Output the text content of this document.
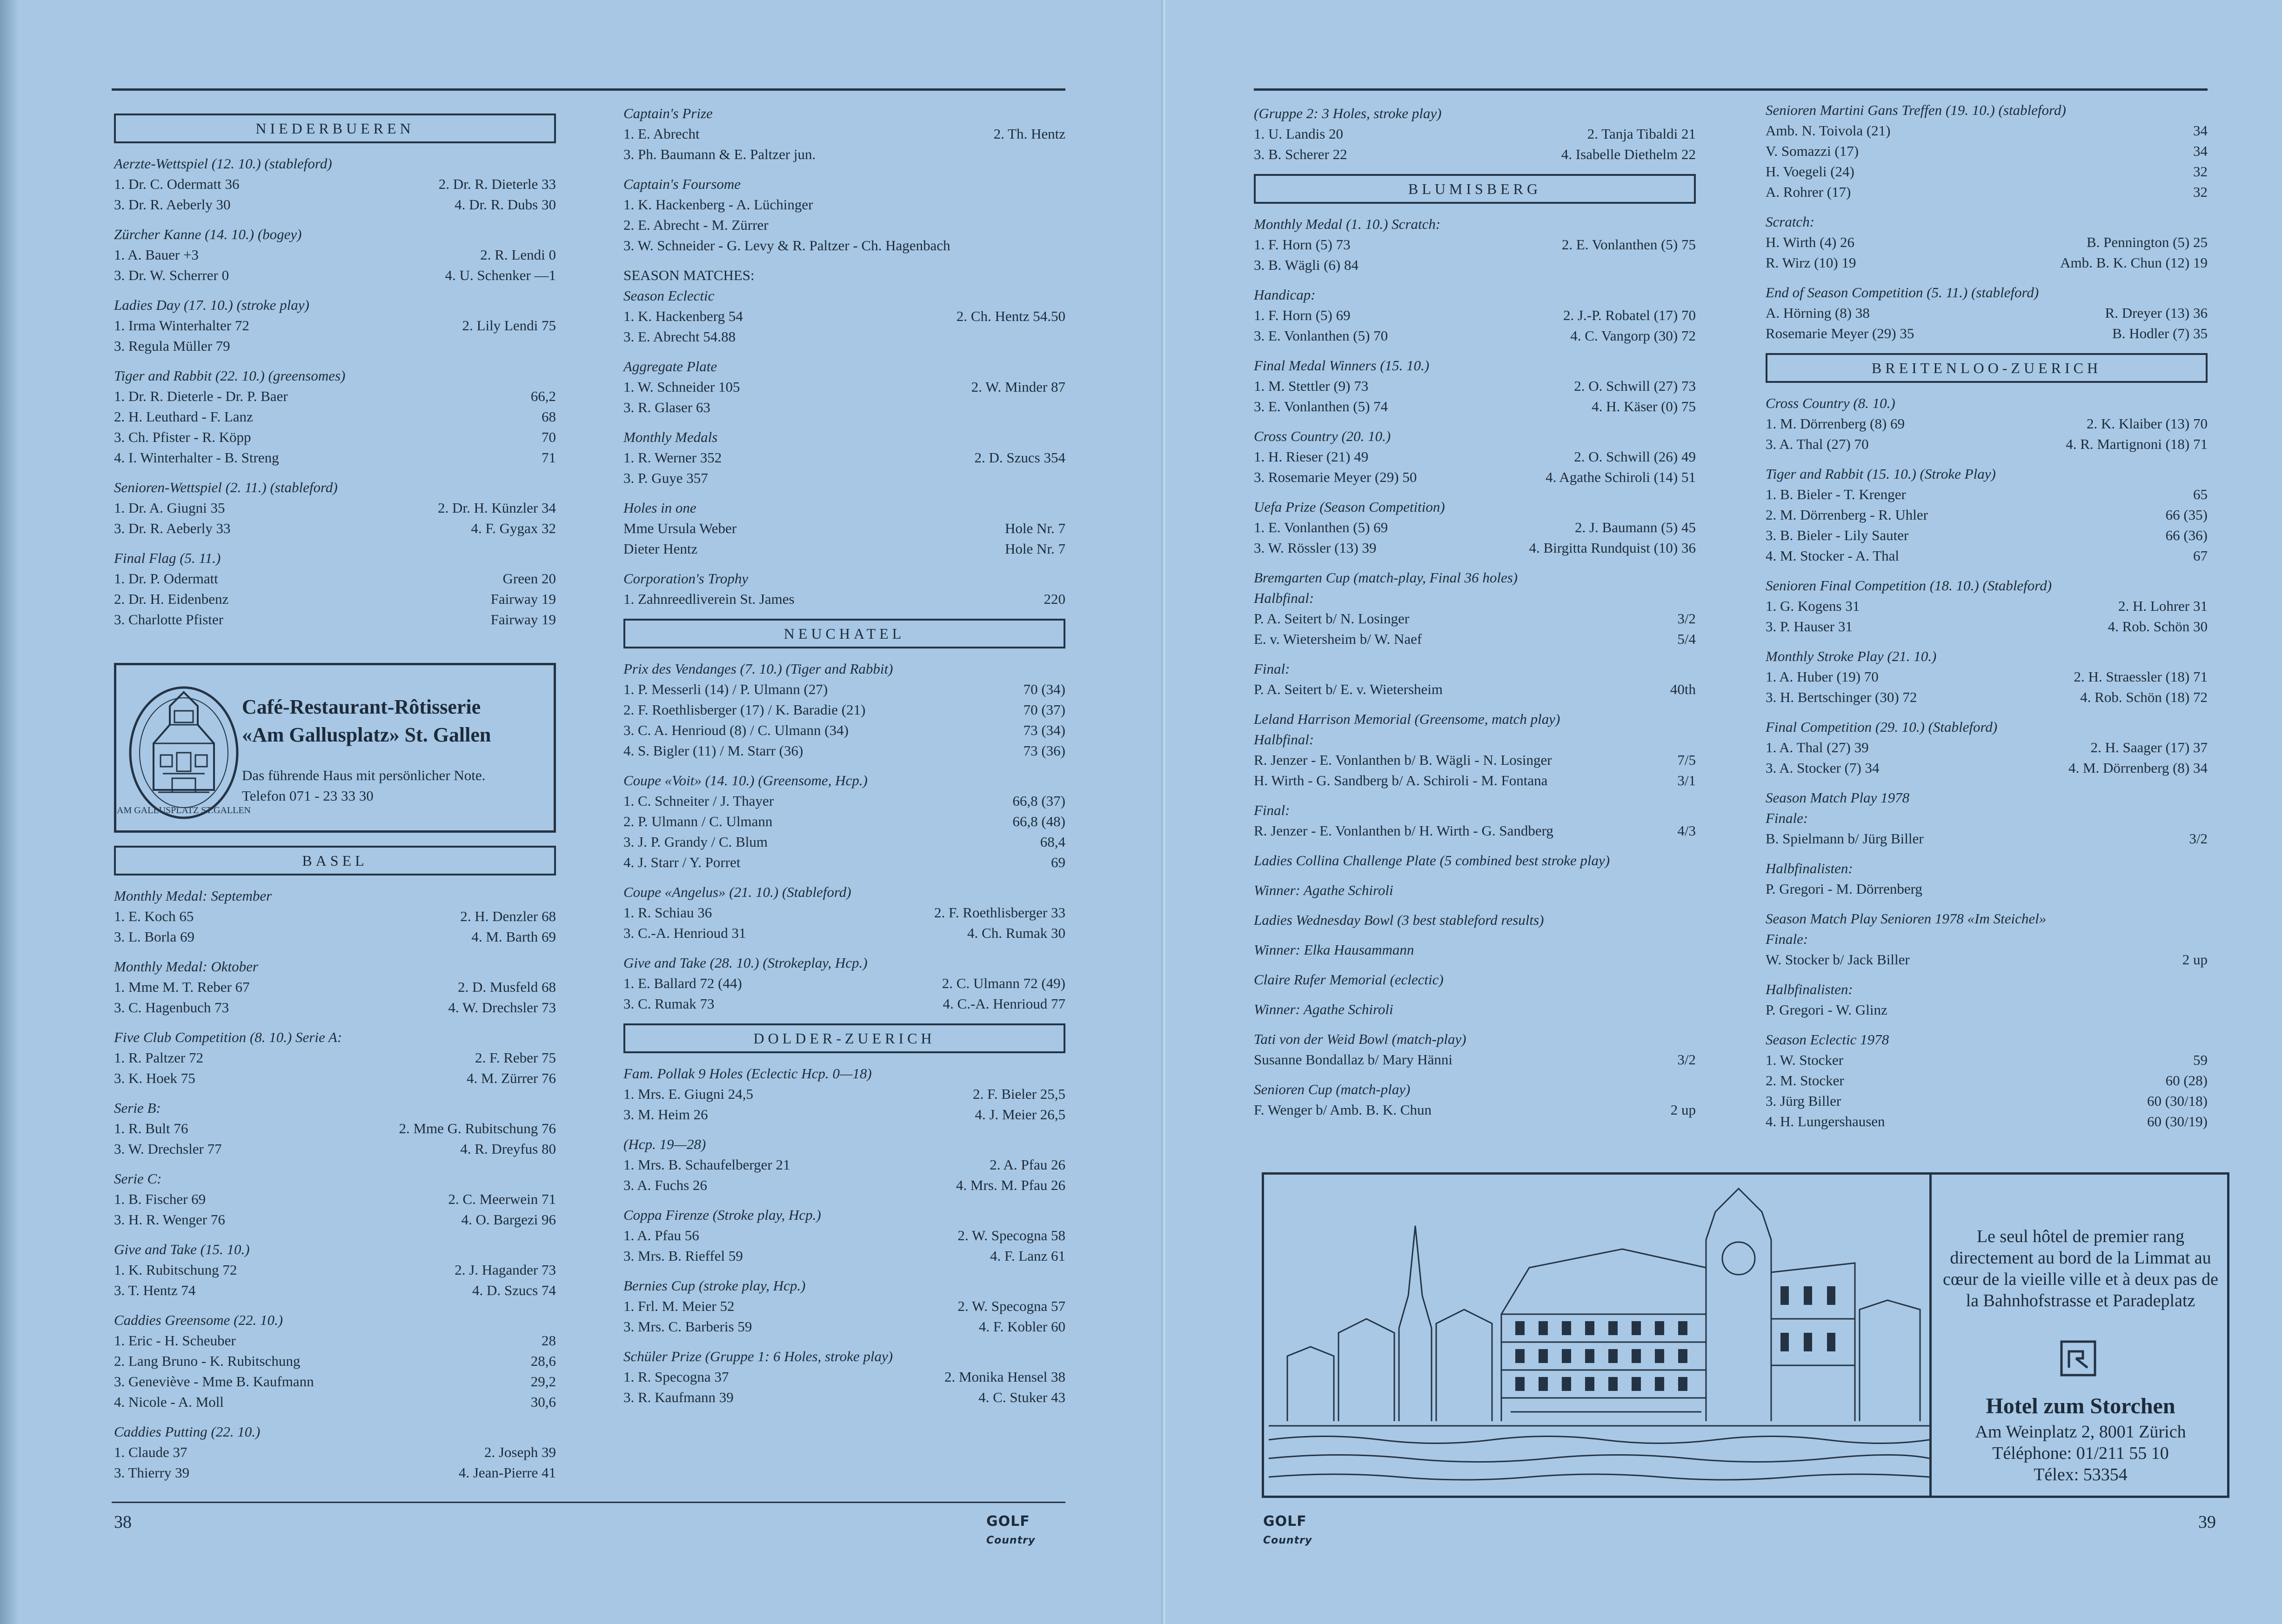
NIEDERBUEREN
Aerzte-Wettspiel (12. 10.) (stableford)
1. Dr. C. Odermatt 36	2. Dr. R. Dieterle 33
3. Dr. R. Aeberly 30	4. Dr. R. Dubs 30
Zürcher Kanne (14. 10.) (bogey)
1. A. Bauer +3	2. R. Lendi 0
3. Dr. W. Scherrer 0	4. U. Schenker —1
Ladies Day (17. 10.) (stroke play)
1. Irma Winterhalter 72	2. Lily Lendi 75
3. Regula Müller 79
Tiger and Rabbit (22. 10.) (greensomes)
1. Dr. R. Dieterle - Dr. P. Baer	66,2
2. H. Leuthard - F. Lanz	68
3. Ch. Pfister - R. Köpp	70
4. I. Winterhalter - B. Streng	71
Senioren-Wettspiel (2. 11.) (stableford)
1. Dr. A. Giugni 35	2. Dr. H. Künzler 34
3. Dr. R. Aeberly 33	4. F. Gygax 32
Final Flag (5. 11.)
1. Dr. P. Odermatt	Green 20
2. Dr. H. Eidenbenz	Fairway 19
3. Charlotte Pfister	Fairway 19
AM GALLUSPLATZ ST.GALLEN
Café-Restaurant-Rôtisserie
«Am Gallusplatz» St. Gallen
Das führende Haus mit persönlicher Note.
Telefon 071 - 23 33 30
BASEL
Monthly Medal: September
1. E. Koch 65	2. H. Denzler 68
3. L. Borla 69	4. M. Barth 69
Monthly Medal: Oktober
1. Mme M. T. Reber 67	2. D. Musfeld 68
3. C. Hagenbuch 73	4. W. Drechsler 73
Five Club Competition (8. 10.) Serie A:
1. R. Paltzer 72	2. F. Reber 75
3. K. Hoek 75	4. M. Zürrer 76
Serie B:
1. R. Bult 76	2. Mme G. Rubitschung 76
3. W. Drechsler 77	4. R. Dreyfus 80
Serie C:
1. B. Fischer 69	2. C. Meerwein 71
3. H. R. Wenger 76	4. O. Bargezi 96
Give and Take (15. 10.)
1. K. Rubitschung 72	2. J. Hagander 73
3. T. Hentz 74	4. D. Szucs 74
Caddies Greensome (22. 10.)
1. Eric - H. Scheuber	28
2. Lang Bruno - K. Rubitschung	28,6
3. Geneviève - Mme B. Kaufmann	29,2
4. Nicole - A. Moll	30,6
Caddies Putting (22. 10.)
1. Claude 37	2. Joseph 39
3. Thierry 39	4. Jean-Pierre 41
Captain's Prize
1. E. Abrecht	2. Th. Hentz
3. Ph. Baumann & E. Paltzer jun.
Captain's Foursome
1. K. Hackenberg - A. Lüchinger
2. E. Abrecht - M. Zürrer
3. W. Schneider - G. Levy & R. Paltzer - Ch. Hagenbach
SEASON MATCHES:
Season Eclectic
1. K. Hackenberg 54	2. Ch. Hentz 54.50
3. E. Abrecht 54.88
Aggregate Plate
1. W. Schneider 105	2. W. Minder 87
3. R. Glaser 63
Monthly Medals
1. R. Werner 352	2. D. Szucs 354
3. P. Guye 357
Holes in one
Mme Ursula Weber	Hole Nr. 7
Dieter Hentz	Hole Nr. 7
Corporation's Trophy
1. Zahnreedliverein St. James	220
NEUCHATEL
Prix des Vendanges (7. 10.) (Tiger and Rabbit)
1. P. Messerli (14) / P. Ulmann (27)	70 (34)
2. F. Roethlisberger (17) / K. Baradie (21)	70 (37)
3. C. A. Henrioud (8) / C. Ulmann (34)	73 (34)
4. S. Bigler (11) / M. Starr (36)	73 (36)
Coupe «Voit» (14. 10.) (Greensome, Hcp.)
1. C. Schneiter / J. Thayer	66,8 (37)
2. P. Ulmann / C. Ulmann	66,8 (48)
3. J. P. Grandy / C. Blum	68,4
4. J. Starr / Y. Porret	69
Coupe «Angelus» (21. 10.) (Stableford)
1. R. Schiau 36	2. F. Roethlisberger 33
3. C.-A. Henrioud 31	4. Ch. Rumak 30
Give and Take (28. 10.) (Strokeplay, Hcp.)
1. E. Ballard 72 (44)	2. C. Ulmann 72 (49)
3. C. Rumak 73	4. C.-A. Henrioud 77
DOLDER-ZUERICH
Fam. Pollak 9 Holes (Eclectic Hcp. 0—18)
1. Mrs. E. Giugni 24,5	2. F. Bieler 25,5
3. M. Heim 26	4. J. Meier 26,5
(Hcp. 19—28)
1. Mrs. B. Schaufelberger 21	2. A. Pfau 26
3. A. Fuchs 26	4. Mrs. M. Pfau 26
Coppa Firenze (Stroke play, Hcp.)
1. A. Pfau 56	2. W. Specogna 58
3. Mrs. B. Rieffel 59	4. F. Lanz 61
Bernies Cup (stroke play, Hcp.)
1. Frl. M. Meier 52	2. W. Specogna 57
3. Mrs. C. Barberis 59	4. F. Kobler 60
Schüler Prize (Gruppe 1: 6 Holes, stroke play)
1. R. Specogna 37	2. Monika Hensel 38
3. R. Kaufmann 39	4. C. Stuker 43
38	GOLF
Country
(Gruppe 2: 3 Holes, stroke play)
1. U. Landis 20	2. Tanja Tibaldi 21
3. B. Scherer 22	4. Isabelle Diethelm 22
BLUMISBERG
Monthly Medal (1. 10.) Scratch:
1. F. Horn (5) 73	2. E. Vonlanthen (5) 75
3. B. Wägli (6) 84
Handicap:
1. F. Horn (5) 69	2. J.-P. Robatel (17) 70
3. E. Vonlanthen (5) 70	4. C. Vangorp (30) 72
Final Medal Winners (15. 10.)
1. M. Stettler (9) 73	2. O. Schwill (27) 73
3. E. Vonlanthen (5) 74	4. H. Käser (0) 75
Cross Country (20. 10.)
1. H. Rieser (21) 49	2. O. Schwill (26) 49
3. Rosemarie Meyer (29) 50	4. Agathe Schiroli (14) 51
Uefa Prize (Season Competition)
1. E. Vonlanthen (5) 69	2. J. Baumann (5) 45
3. W. Rössler (13) 39	4. Birgitta Rundquist (10) 36
Bremgarten Cup (match-play, Final 36 holes)
Halbfinal:
P. A. Seitert b/ N. Losinger	3/2
E. v. Wietersheim b/ W. Naef	5/4
Final:
P. A. Seitert b/ E. v. Wietersheim	40th
Leland Harrison Memorial (Greensome, match play)
Halbfinal:
R. Jenzer - E. Vonlanthen b/ B. Wägli - N. Losinger	7/5
H. Wirth - G. Sandberg b/ A. Schiroli - M. Fontana	3/1
Final:
R. Jenzer - E. Vonlanthen b/ H. Wirth - G. Sandberg	4/3
Ladies Collina Challenge Plate (5 combined best stroke play)
Winner: Agathe Schiroli
Ladies Wednesday Bowl (3 best stableford results)
Winner: Elka Hausammann
Claire Rufer Memorial (eclectic)
Winner: Agathe Schiroli
Tati von der Weid Bowl (match-play)
Susanne Bondallaz b/ Mary Hänni	3/2
Senioren Cup (match-play)
F. Wenger b/ Amb. B. K. Chun	2 up
Senioren Martini Gans Treffen (19. 10.) (stableford)
Amb. N. Toivola (21)	34
V. Somazzi (17)	34
H. Voegeli (24)	32
A. Rohrer (17)	32
Scratch:
H. Wirth (4) 26	B. Pennington (5) 25
R. Wirz (10) 19	Amb. B. K. Chun (12) 19
End of Season Competition (5. 11.) (stableford)
A. Hörning (8) 38	R. Dreyer (13) 36
Rosemarie Meyer (29) 35	B. Hodler (7) 35
BREITENLOO-ZUERICH
Cross Country (8. 10.)
1. M. Dörrenberg (8) 69	2. K. Klaiber (13) 70
3. A. Thal (27) 70	4. R. Martignoni (18) 71
Tiger and Rabbit (15. 10.) (Stroke Play)
1. B. Bieler - T. Krenger	65
2. M. Dörrenberg - R. Uhler	66 (35)
3. B. Bieler - Lily Sauter	66 (36)
4. M. Stocker - A. Thal	67
Senioren Final Competition (18. 10.) (Stableford)
1. G. Kogens 31	2. H. Lohrer 31
3. P. Hauser 31	4. Rob. Schön 30
Monthly Stroke Play (21. 10.)
1. A. Huber (19) 70	2. H. Straessler (18) 71
3. H. Bertschinger (30) 72	4. Rob. Schön (18) 72
Final Competition (29. 10.) (Stableford)
1. A. Thal (27) 39	2. H. Saager (17) 37
3. A. Stocker (7) 34	4. M. Dörrenberg (8) 34
Season Match Play 1978
Finale:
B. Spielmann b/ Jürg Biller	3/2
Halbfinalisten:
P. Gregori - M. Dörrenberg
Season Match Play Senioren 1978 «Im Steichel»
Finale:
W. Stocker b/ Jack Biller	2 up
Halbfinalisten:
P. Gregori - W. Glinz
Season Eclectic 1978
1. W. Stocker	59
2. M. Stocker	60 (28)
3. Jürg Biller	60 (30/18)
4. H. Lungershausen	60 (30/19)
Le seul hôtel de premier rang directement au bord de la Limmat au cœur de la vieille ville et à deux pas de la Bahnhofstrasse et Paradeplatz
Hotel zum Storchen
Am Weinplatz 2, 8001 Zürich
Téléphone: 01/211 55 10
Télex: 53354
GOLF
Country
39
